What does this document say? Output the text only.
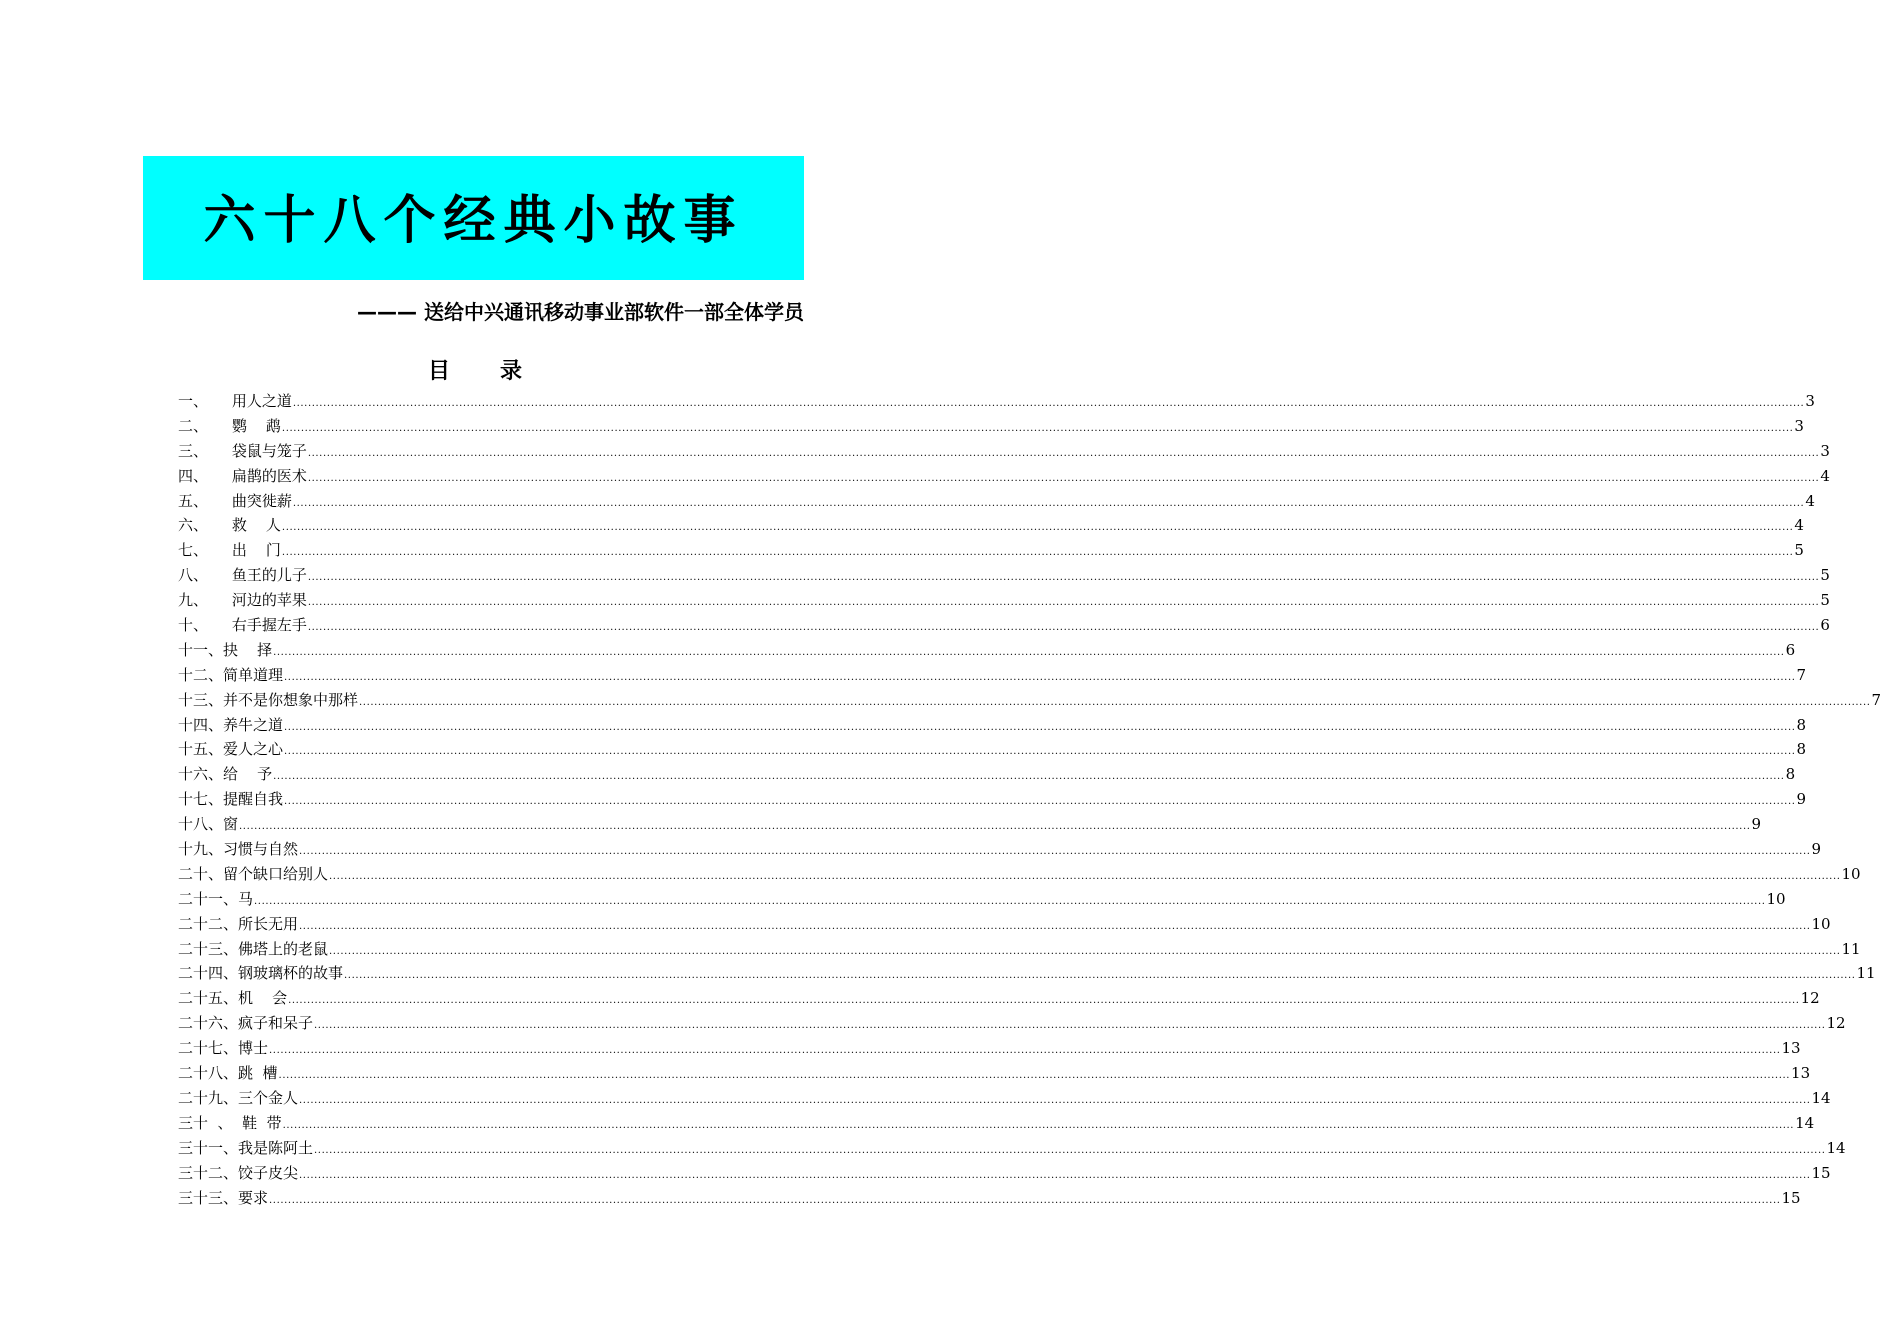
六十八个经典小故事
——— 送给中兴通讯移动事业部软件一部全体学员
目 录
一、     用人之道 ................................................................................................................................................................................................................................................................................................................................................................................................................ 3
二、     鹦    鹉 ................................................................................................................................................................................................................................................................................................................................................................................................................ 3
三、     袋鼠与笼子 ................................................................................................................................................................................................................................................................................................................................................................................................................ 3
四、     扁鹊的医术 ................................................................................................................................................................................................................................................................................................................................................................................................................ 4
五、     曲突徙薪 ................................................................................................................................................................................................................................................................................................................................................................................................................ 4
六、     救    人 ................................................................................................................................................................................................................................................................................................................................................................................................................ 4
七、     出    门 ................................................................................................................................................................................................................................................................................................................................................................................................................ 5
八、     鱼王的儿子 ................................................................................................................................................................................................................................................................................................................................................................................................................ 5
九、     河边的苹果 ................................................................................................................................................................................................................................................................................................................................................................................................................ 5
十、     右手握左手 ................................................................................................................................................................................................................................................................................................................................................................................................................ 6
十一、抉    择 ................................................................................................................................................................................................................................................................................................................................................................................................................ 6
十二、简单道理 ................................................................................................................................................................................................................................................................................................................................................................................................................ 7
十三、并不是你想象中那样 ................................................................................................................................................................................................................................................................................................................................................................................................................ 7
十四、养牛之道 ................................................................................................................................................................................................................................................................................................................................................................................................................ 8
十五、爱人之心 ................................................................................................................................................................................................................................................................................................................................................................................................................ 8
十六、给    予 ................................................................................................................................................................................................................................................................................................................................................................................................................ 8
十七、提醒自我 ................................................................................................................................................................................................................................................................................................................................................................................................................ 9
十八、窗 ................................................................................................................................................................................................................................................................................................................................................................................................................ 9
十九、习惯与自然 ................................................................................................................................................................................................................................................................................................................................................................................................................ 9
二十、留个缺口给别人 ................................................................................................................................................................................................................................................................................................................................................................................................................ 10
二十一、马 ................................................................................................................................................................................................................................................................................................................................................................................................................ 10
二十二、所长无用 ................................................................................................................................................................................................................................................................................................................................................................................................................ 10
二十三、佛塔上的老鼠 ................................................................................................................................................................................................................................................................................................................................................................................................................ 11
二十四、钢玻璃杯的故事 ................................................................................................................................................................................................................................................................................................................................................................................................................ 11
二十五、机    会 ................................................................................................................................................................................................................................................................................................................................................................................................................ 12
二十六、疯子和呆子 ................................................................................................................................................................................................................................................................................................................................................................................................................ 12
二十七、博士 ................................................................................................................................................................................................................................................................................................................................................................................................................ 13
二十八、跳  槽 ................................................................................................................................................................................................................................................................................................................................................................................................................ 13
二十九、三个金人 ................................................................................................................................................................................................................................................................................................................................................................................................................ 14
三十  、  鞋  带 ................................................................................................................................................................................................................................................................................................................................................................................................................ 14
三十一、我是陈阿土 ................................................................................................................................................................................................................................................................................................................................................................................................................ 14
三十二、饺子皮尖 ................................................................................................................................................................................................................................................................................................................................................................................................................ 15
三十三、要求 ................................................................................................................................................................................................................................................................................................................................................................................................................ 15
